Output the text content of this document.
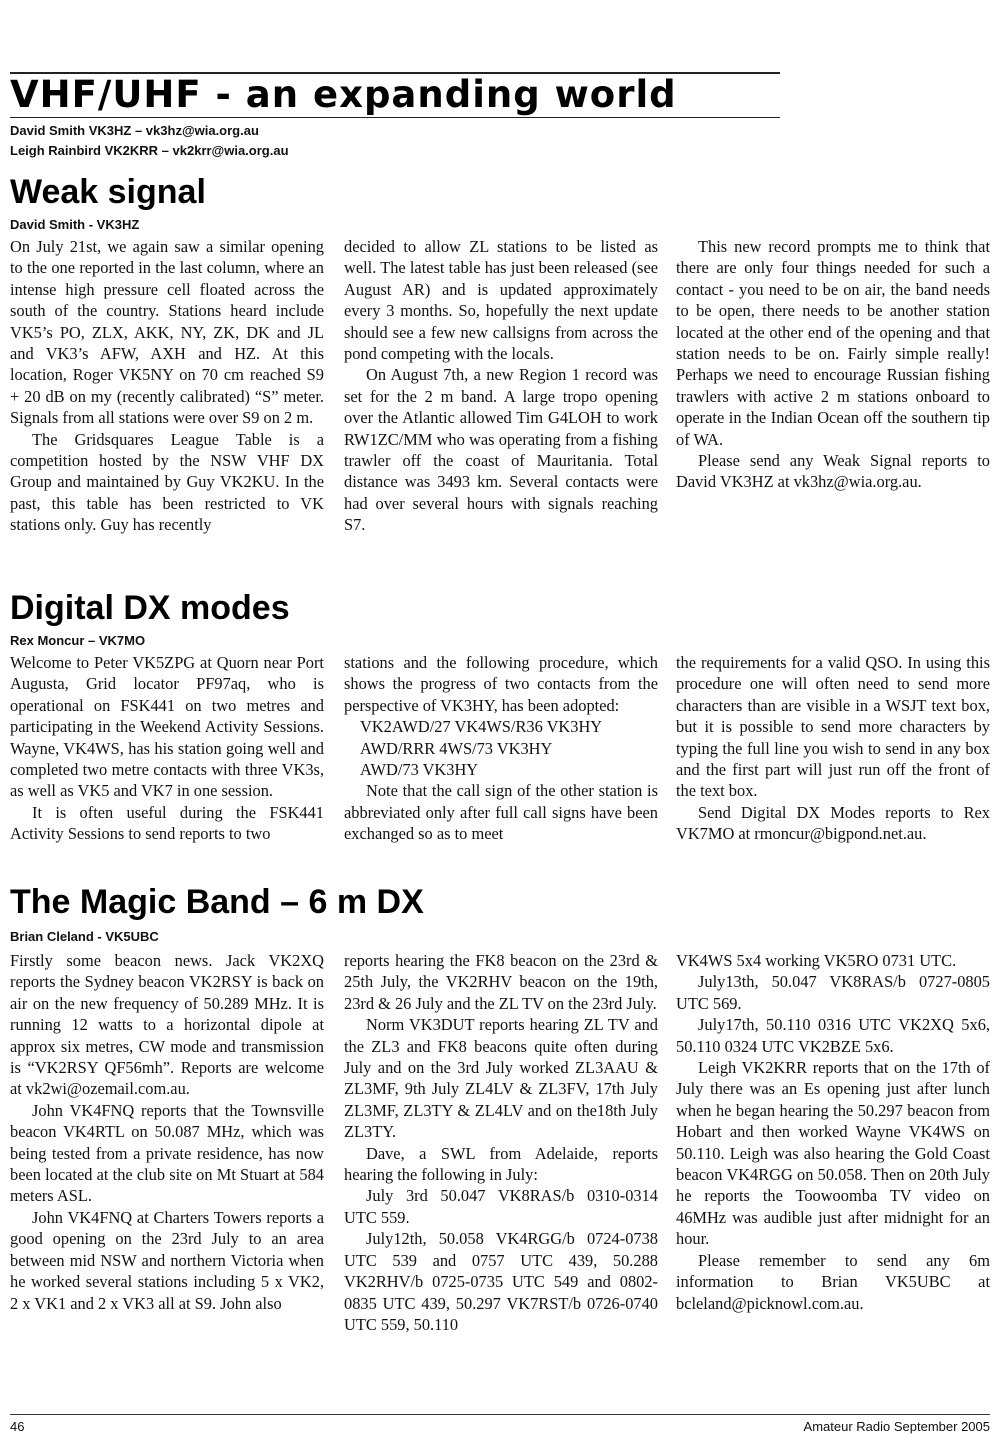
VHF/UHF - an expanding world
David Smith VK3HZ – vk3hz@wia.org.au
Leigh Rainbird VK2KRR – vk2krr@wia.org.au
Weak signal
David Smith - VK3HZ

On July 21st, we again saw a similar opening to the one reported in the last column, where an intense high pressure cell floated across the south of the country. Stations heard include VK5’s PO, ZLX, AKK, NY, ZK, DK and JL and VK3’s AFW, AXH and HZ. At this location, Roger VK5NY on 70 cm reached S9 + 20 dB on my (recently calibrated) “S” meter. Signals from all stations were over S9 on 2 m.

The Gridsquares League Table is a competition hosted by the NSW VHF DX Group and maintained by Guy VK2KU. In the past, this table has been restricted to VK stations only. Guy has recently

decided to allow ZL stations to be listed as well. The latest table has just been released (see August AR) and is updated approximately every 3 months. So, hopefully the next update should see a few new callsigns from across the pond competing with the locals.

On August 7th, a new Region 1 record was set for the 2 m band. A large tropo opening over the Atlantic allowed Tim G4LOH to work RW1ZC/MM who was operating from a fishing trawler off the coast of Mauritania. Total distance was 3493 km. Several contacts were had over several hours with signals reaching S7.

This new record prompts me to think that there are only four things needed for such a contact - you need to be on air, the band needs to be open, there needs to be another station located at the other end of the opening and that station needs to be on. Fairly simple really! Perhaps we need to encourage Russian fishing trawlers with active 2 m stations onboard to operate in the Indian Ocean off the southern tip of WA.

Please send any Weak Signal reports to David VK3HZ at vk3hz@wia.org.au.

Digital DX modes
Rex Moncur – VK7MO

Welcome to Peter VK5ZPG at Quorn near Port Augusta, Grid locator PF97aq, who is operational on FSK441 on two metres and participating in the Weekend Activity Sessions. Wayne, VK4WS, has his station going well and completed two metre contacts with three VK3s, as well as VK5 and VK7 in one session.

It is often useful during the FSK441 Activity Sessions to send reports to two

stations and the following procedure, which shows the progress of two contacts from the perspective of VK3HY, has been adopted:

VK2AWD/27 VK4WS/R36 VK3HY

AWD/RRR 4WS/73 VK3HY

AWD/73 VK3HY

Note that the call sign of the other station is abbreviated only after full call signs have been exchanged so as to meet

the requirements for a valid QSO. In using this procedure one will often need to send more characters than are visible in a WSJT text box, but it is possible to send more characters by typing the full line you wish to send in any box and the first part will just run off the front of the text box.

Send Digital DX Modes reports to Rex VK7MO at rmoncur@bigpond.net.au.

The Magic Band – 6 m DX
Brian Cleland - VK5UBC

Firstly some beacon news. Jack VK2XQ reports the Sydney beacon VK2RSY is back on air on the new frequency of 50.289 MHz. It is running 12 watts to a horizontal dipole at approx six metres, CW mode and transmission is “VK2RSY QF56mh”. Reports are welcome at vk2wi@ozemail.com.au.

John VK4FNQ reports that the Townsville beacon VK4RTL on 50.087 MHz, which was being tested from a private residence, has now been located at the club site on Mt Stuart at 584 meters ASL.

John VK4FNQ at Charters Towers reports a good opening on the 23rd July to an area between mid NSW and northern Victoria when he worked several stations including 5 x VK2, 2 x VK1 and 2 x VK3 all at S9. John also

reports hearing the FK8 beacon on the 23rd & 25th July, the VK2RHV beacon on the 19th, 23rd & 26 July and the ZL TV on the 23rd July.

Norm VK3DUT reports hearing ZL TV and the ZL3 and FK8 beacons quite often during July and on the 3rd July worked ZL3AAU & ZL3MF, 9th July ZL4LV & ZL3FV, 17th July ZL3MF, ZL3TY & ZL4LV and on the18th July ZL3TY.

Dave, a SWL from Adelaide, reports hearing the following in July:

July 3rd 50.047 VK8RAS/b 0310-0314 UTC 559.

July12th, 50.058 VK4RGG/b 0724-0738 UTC 539 and 0757 UTC 439, 50.288 VK2RHV/b 0725-0735 UTC 549 and 0802-0835 UTC 439, 50.297 VK7RST/b 0726-0740 UTC 559, 50.110

VK4WS 5x4 working VK5RO 0731 UTC.

July13th, 50.047 VK8RAS/b 0727-0805 UTC 569.

July17th, 50.110 0316 UTC VK2XQ 5x6, 50.110 0324 UTC VK2BZE 5x6.

Leigh VK2KRR reports that on the 17th of July there was an Es opening just after lunch when he began hearing the 50.297 beacon from Hobart and then worked Wayne VK4WS on 50.110. Leigh was also hearing the Gold Coast beacon VK4RGG on 50.058. Then on 20th July he reports the Toowoomba TV video on 46MHz was audible just after midnight for an hour.

Please remember to send any 6m information to Brian VK5UBC at bcleland@picknowl.com.au.

46	Amateur Radio September 2005
